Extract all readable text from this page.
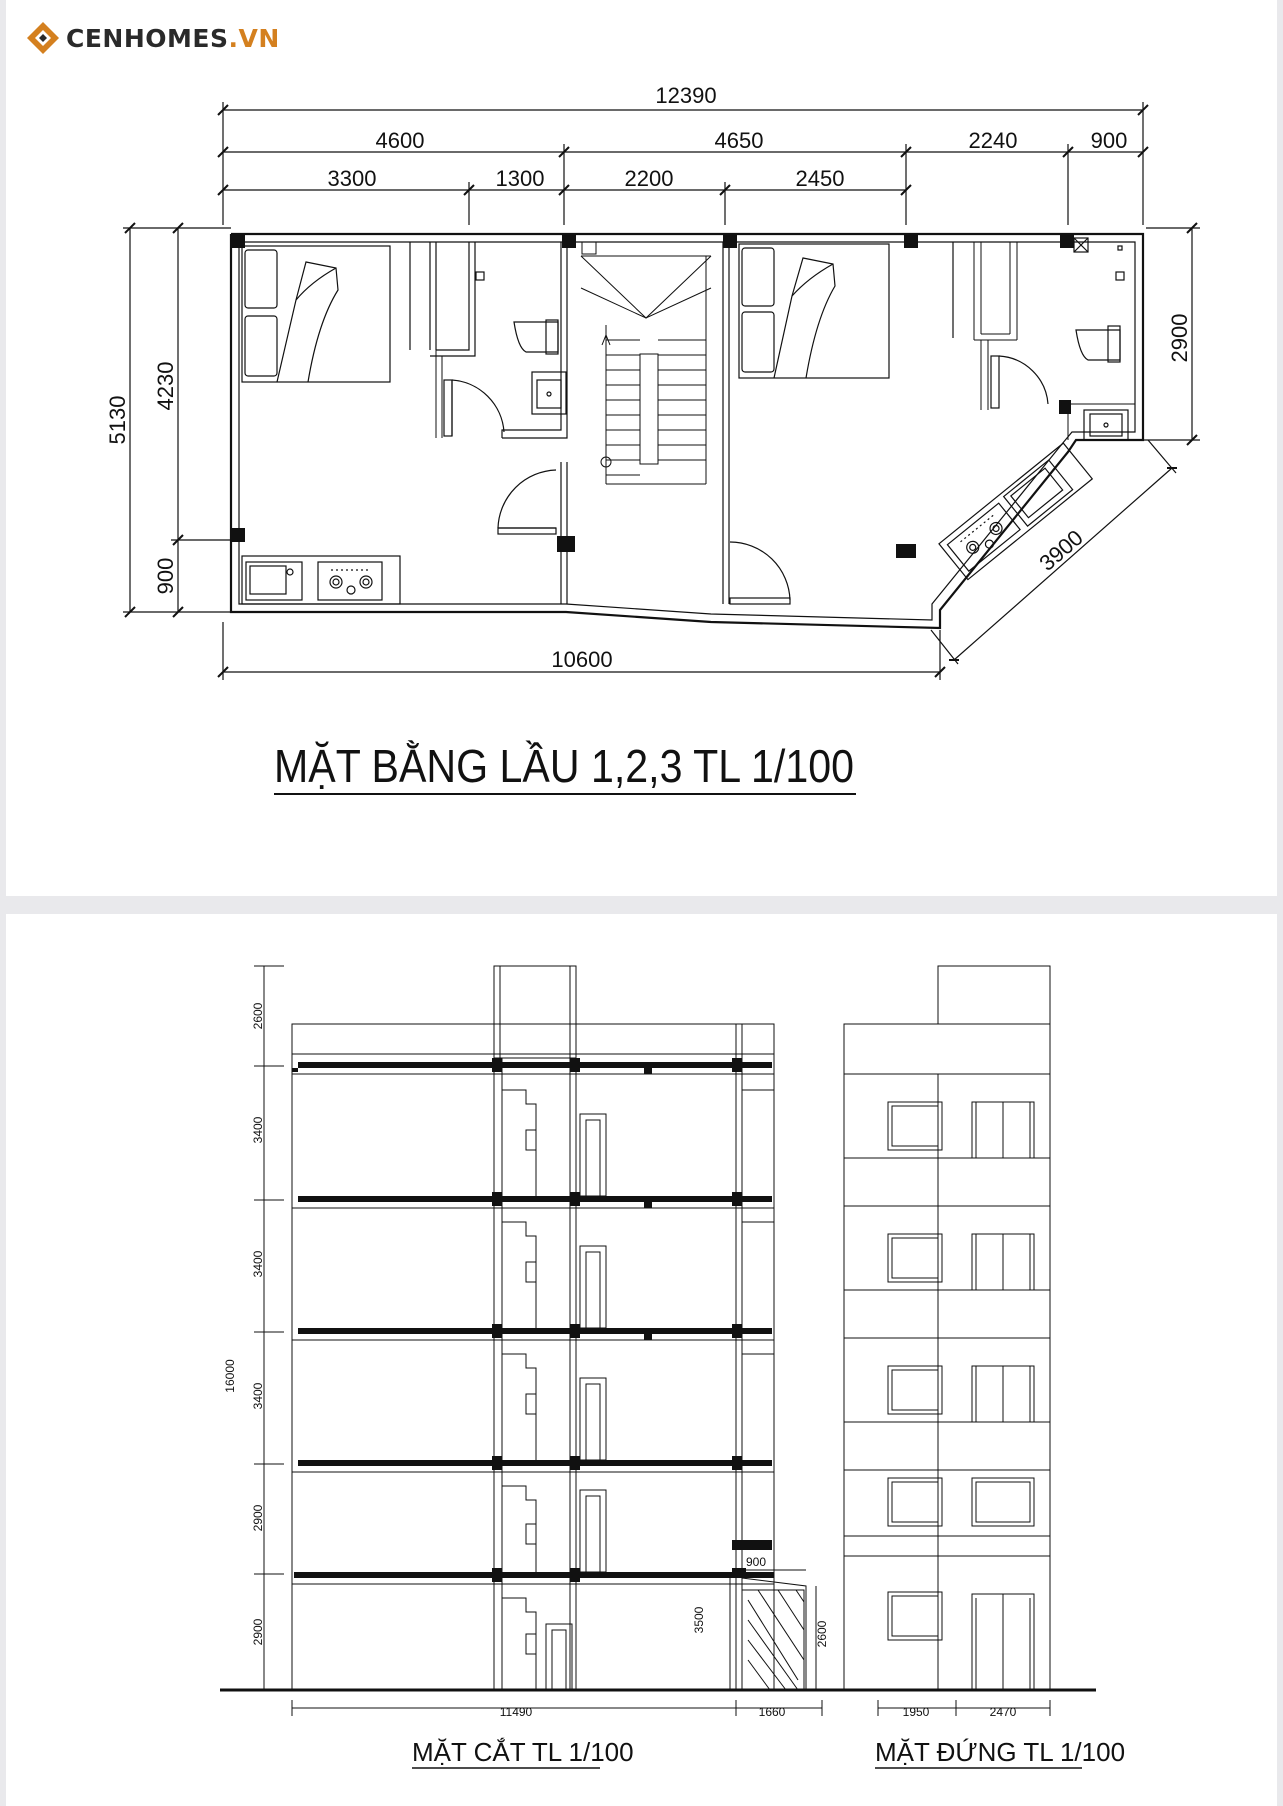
CENHOMES.VN
12390
4600	4650	2240	900
3300	1300	2200	2450
10600
5130
4230
900
2900
3900
MẶT BẰNG LẦU 1,2,3 TL 1/100
2600
3400
3400
3400
2900
2900
16000
3500
2600
900
11490	1660	1950	2470
MẶT CẮT TL 1/100	MẶT ĐỨNG TL 1/100
